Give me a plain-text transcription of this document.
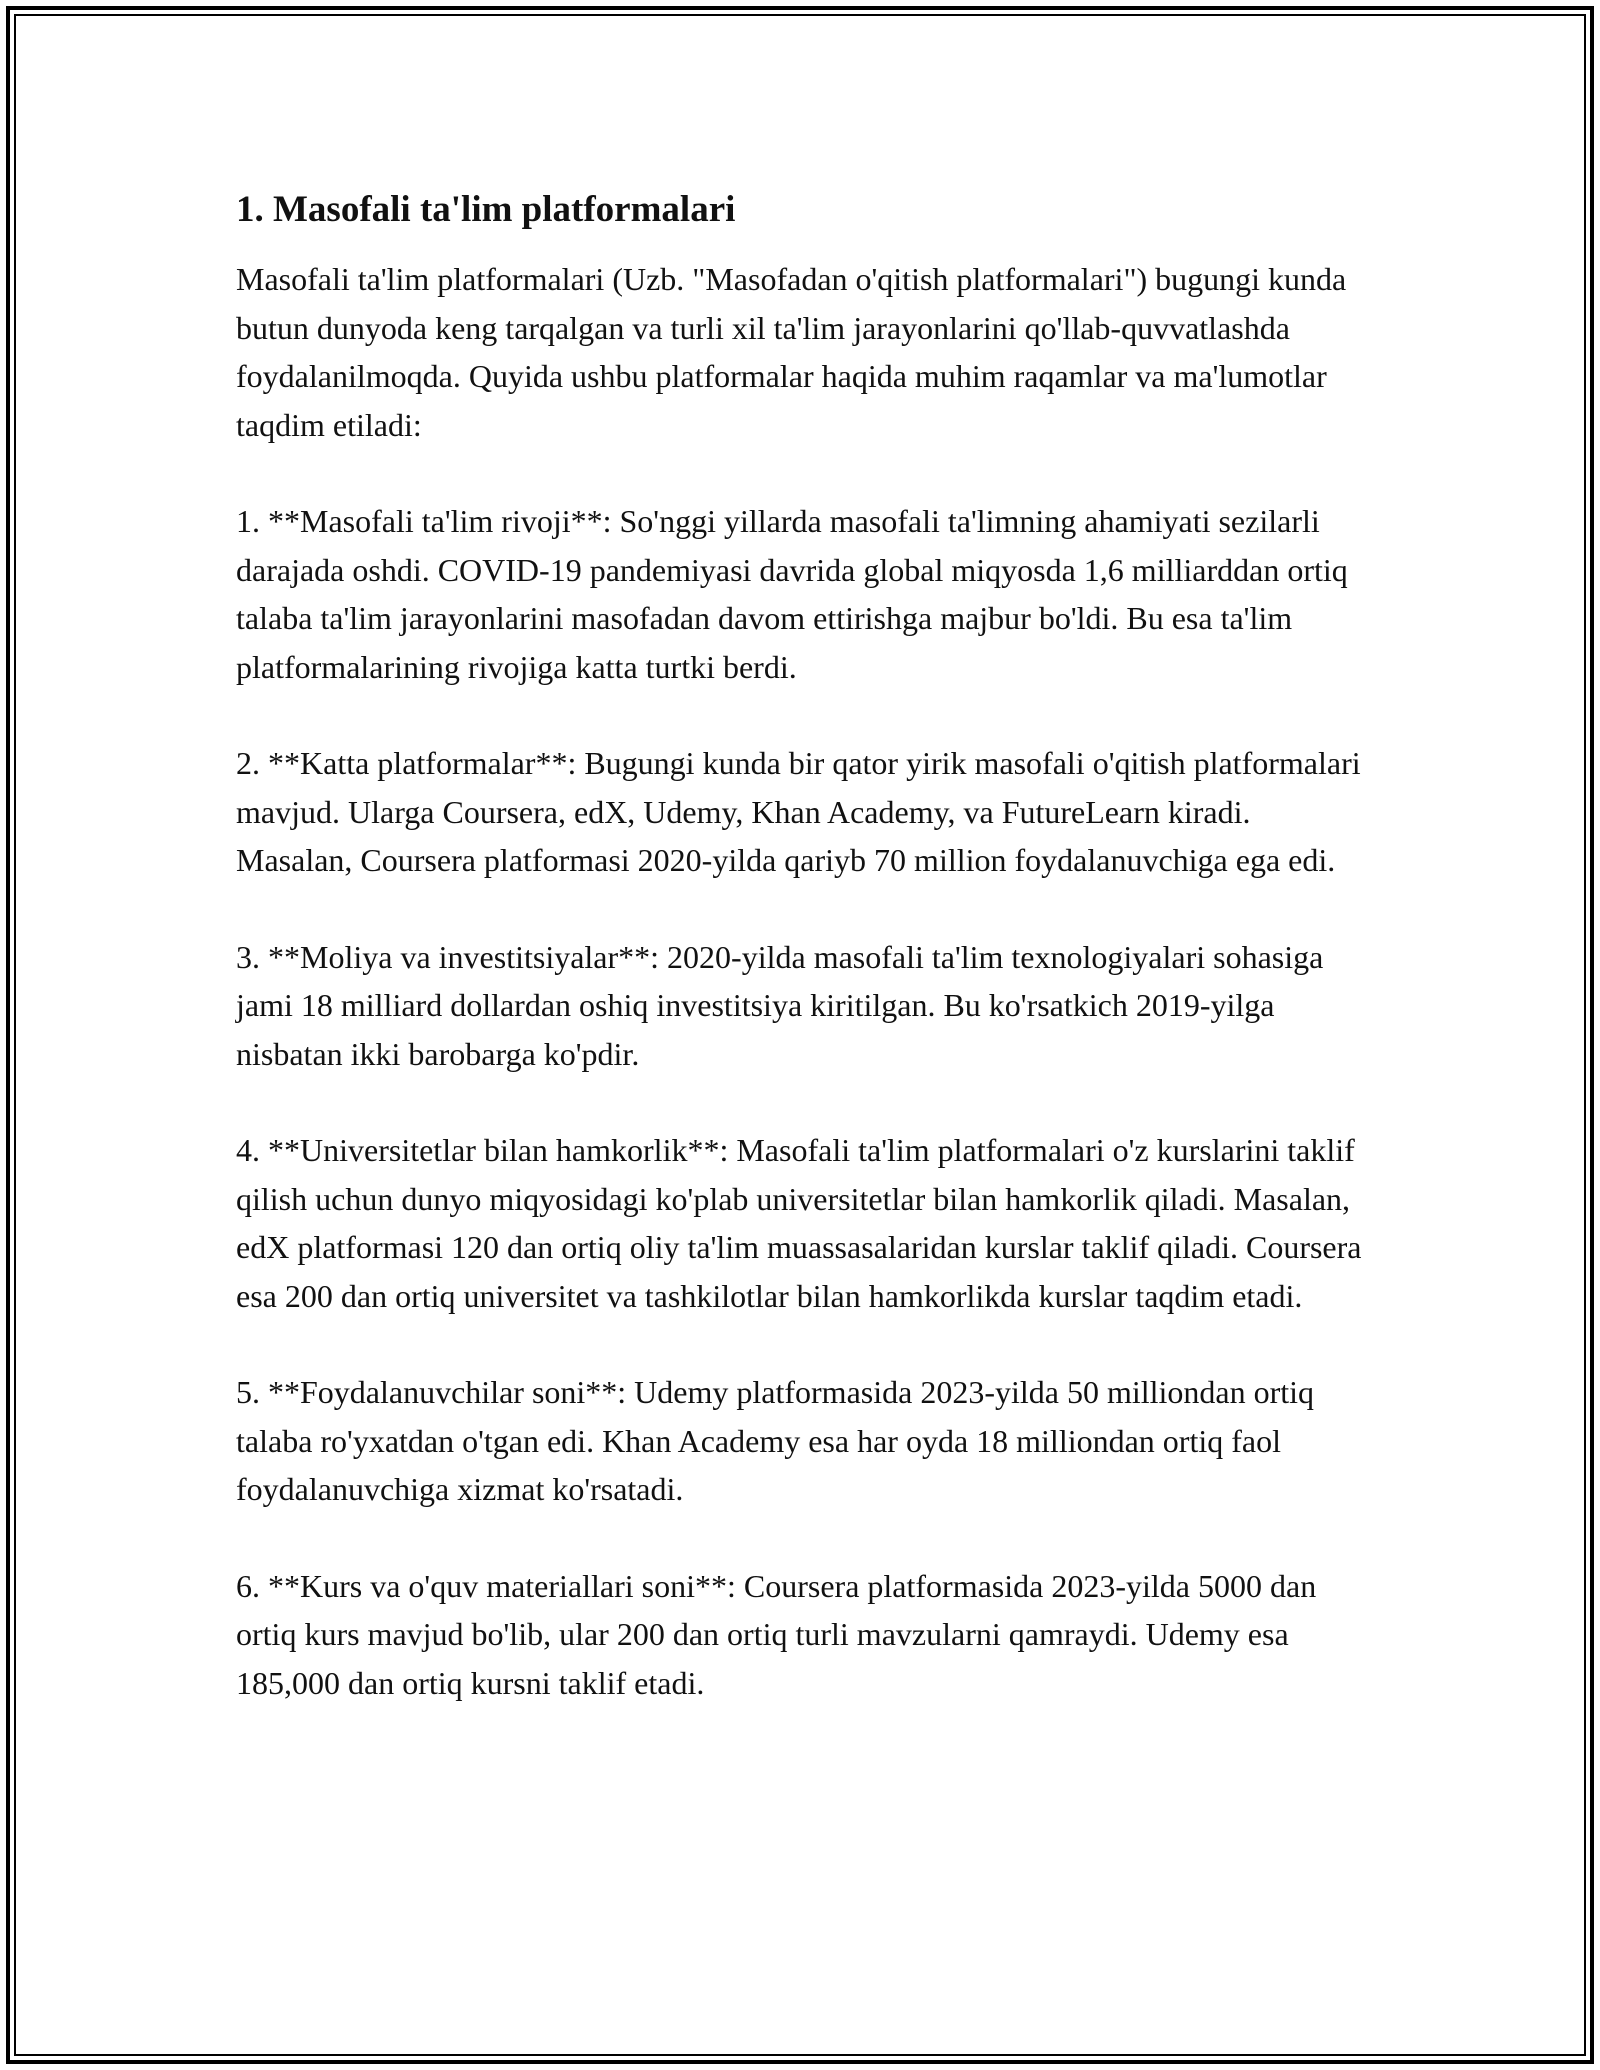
1. Masofali ta'lim platformalari

Masofali ta'lim platformalari (Uzb. "Masofadan o'qitish platformalari") bugungi kunda butun dunyoda keng tarqalgan va turli xil ta'lim jarayonlarini qo'llab-quvvatlashda foydalanilmoqda. Quyida ushbu platformalar haqida muhim raqamlar va ma'lumotlar taqdim etiladi:

1. **Masofali ta'lim rivoji**: So'nggi yillarda masofali ta'limning ahamiyati sezilarli darajada oshdi. COVID-19 pandemiyasi davrida global miqyosda 1,6 milliarddan ortiq talaba ta'lim jarayonlarini masofadan davom ettirishga majbur bo'ldi. Bu esa ta'lim platformalarining rivojiga katta turtki berdi.

2. **Katta platformalar**: Bugungi kunda bir qator yirik masofali o'qitish platformalari mavjud. Ularga Coursera, edX, Udemy, Khan Academy, va FutureLearn kiradi. Masalan, Coursera platformasi 2020-yilda qariyb 70 million foydalanuvchiga ega edi.

3. **Moliya va investitsiyalar**: 2020-yilda masofali ta'lim texnologiyalari sohasiga jami 18 milliard dollardan oshiq investitsiya kiritilgan. Bu ko'rsatkich 2019-yilga nisbatan ikki barobarga ko'pdir.

4. **Universitetlar bilan hamkorlik**: Masofali ta'lim platformalari o'z kurslarini taklif qilish uchun dunyo miqyosidagi ko'plab universitetlar bilan hamkorlik qiladi. Masalan, edX platformasi 120 dan ortiq oliy ta'lim muassasalaridan kurslar taklif qiladi. Coursera esa 200 dan ortiq universitet va tashkilotlar bilan hamkorlikda kurslar taqdim etadi.

5. **Foydalanuvchilar soni**: Udemy platformasida 2023-yilda 50 milliondan ortiq talaba ro'yxatdan o'tgan edi. Khan Academy esa har oyda 18 milliondan ortiq faol foydalanuvchiga xizmat ko'rsatadi.

6. **Kurs va o'quv materiallari soni**: Coursera platformasida 2023-yilda 5000 dan ortiq kurs mavjud bo'lib, ular 200 dan ortiq turli mavzularni qamraydi. Udemy esa 185,000 dan ortiq kursni taklif etadi.
